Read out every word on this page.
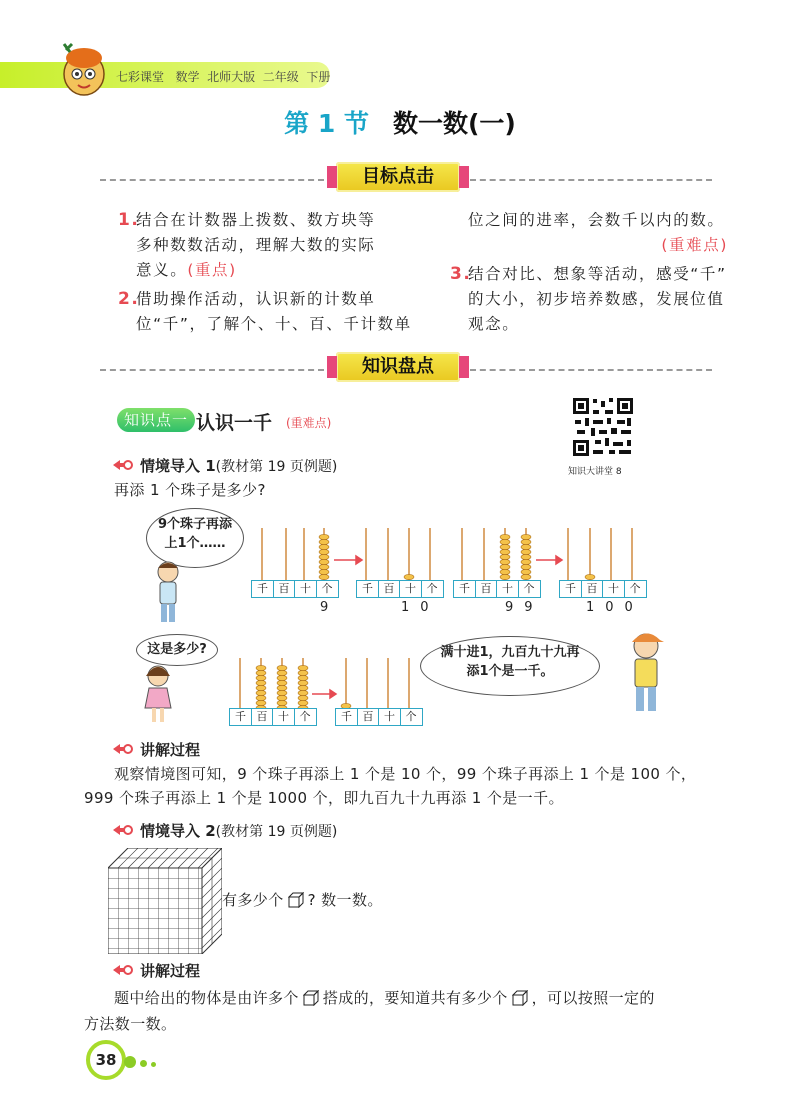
七彩课堂   数学  北师大版  二年级  下册
第 1 节 数一数(一)
目标点击
1.
结合在计数器上拨数、数方块等
多种数数活动，理解大数的实际
意义。(重点)
2.
借助操作活动，认识新的计数单
位“千”，了解个、十、百、千计数单
位之间的进率，会数千以内的数。
(重难点)
3.
结合对比、想象等活动，感受“千”
的大小，初步培养数感，发展位值
观念。
知识盘点
知识点一 认识一千 (重难点)
知识大讲堂 8
情境导入 1(教材第 19 页例题)
再添 1 个珠子是多少?
9个珠子再添上1个……
千 百 十 个	千 百 十 个	千 百 十 个	千 百 十 个
9	10	99	100
这是多少?
千 百 十 个	千 百 十 个
满十进1，九百九十九再添1个是一千。
讲解过程
观察情境图可知，9 个珠子再添上 1 个是 10 个，99 个珠子再添上 1 个是 100 个，
999 个珠子再添上 1 个是 1000 个，即九百九十九再添 1 个是一千。
情境导入 2(教材第 19 页例题)
有多少个 ? 数一数。
讲解过程
题中给出的物体是由许多个 搭成的，要知道共有多少个 ，可以按照一定的
方法数一数。
38
